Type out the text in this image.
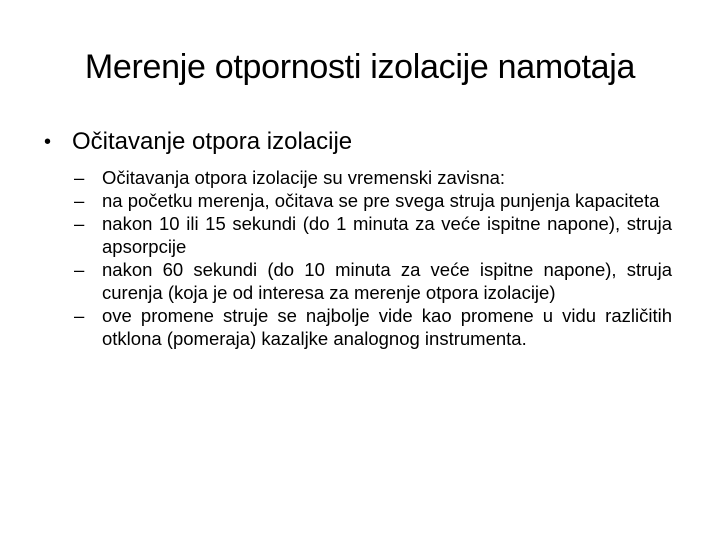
Merenje otpornosti izolacije namotaja
• Očitavanje otpora izolacije
– Očitavanja otpora izolacije su vremenski zavisna:
– na početku merenja, očitava se pre svega struja punjenja kapaciteta
– nakon 10 ili 15 sekundi (do 1 minuta za veće ispitne napone), struja apsorpcije
– nakon 60 sekundi (do 10 minuta za veće ispitne napone), struja curenja (koja je od interesa za merenje otpora izolacije)
– ove promene struje se najbolje vide kao promene u vidu različitih otklona (pomeraja) kazaljke analognog instrumenta.
